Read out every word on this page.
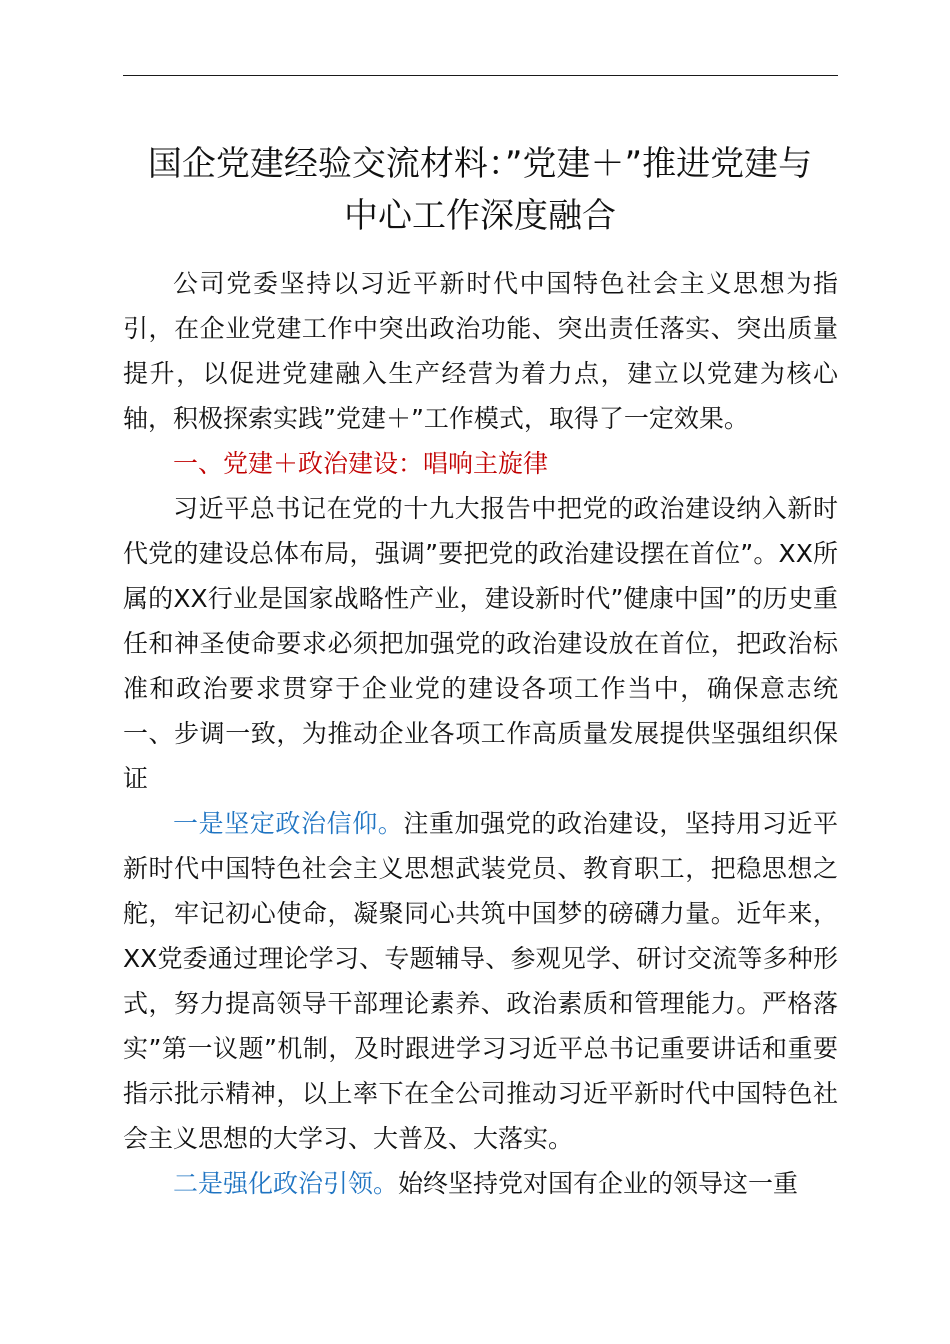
国企党建经验交流材料：”党建＋”推进党建与
中心工作深度融合

公司党委坚持以习近平新时代中国特色社会主义思想为指引，在企业党建工作中突出政治功能、突出责任落实、突出质量提升，以促进党建融入生产经营为着力点，建立以党建为核心轴，积极探索实践”党建＋”工作模式，取得了一定效果。

一、党建＋政治建设：唱响主旋律

习近平总书记在党的十九大报告中把党的政治建设纳入新时代党的建设总体布局，强调”要把党的政治建设摆在首位”。XX所属的XX行业是国家战略性产业，建设新时代”健康中国”的历史重任和神圣使命要求必须把加强党的政治建设放在首位，把政治标准和政治要求贯穿于企业党的建设各项工作当中，确保意志统一、步调一致，为推动企业各项工作高质量发展提供坚强组织保证

一是坚定政治信仰。注重加强党的政治建设，坚持用习近平新时代中国特色社会主义思想武装党员、教育职工，把稳思想之舵，牢记初心使命，凝聚同心共筑中国梦的磅礴力量。近年来，XX党委通过理论学习、专题辅导、参观见学、研讨交流等多种形式，努力提高领导干部理论素养、政治素质和管理能力。严格落实”第一议题”机制，及时跟进学习习近平总书记重要讲话和重要指示批示精神，以上率下在全公司推动习近平新时代中国特色社会主义思想的大学习、大普及、大落实。

二是强化政治引领。始终坚持党对国有企业的领导这一重
